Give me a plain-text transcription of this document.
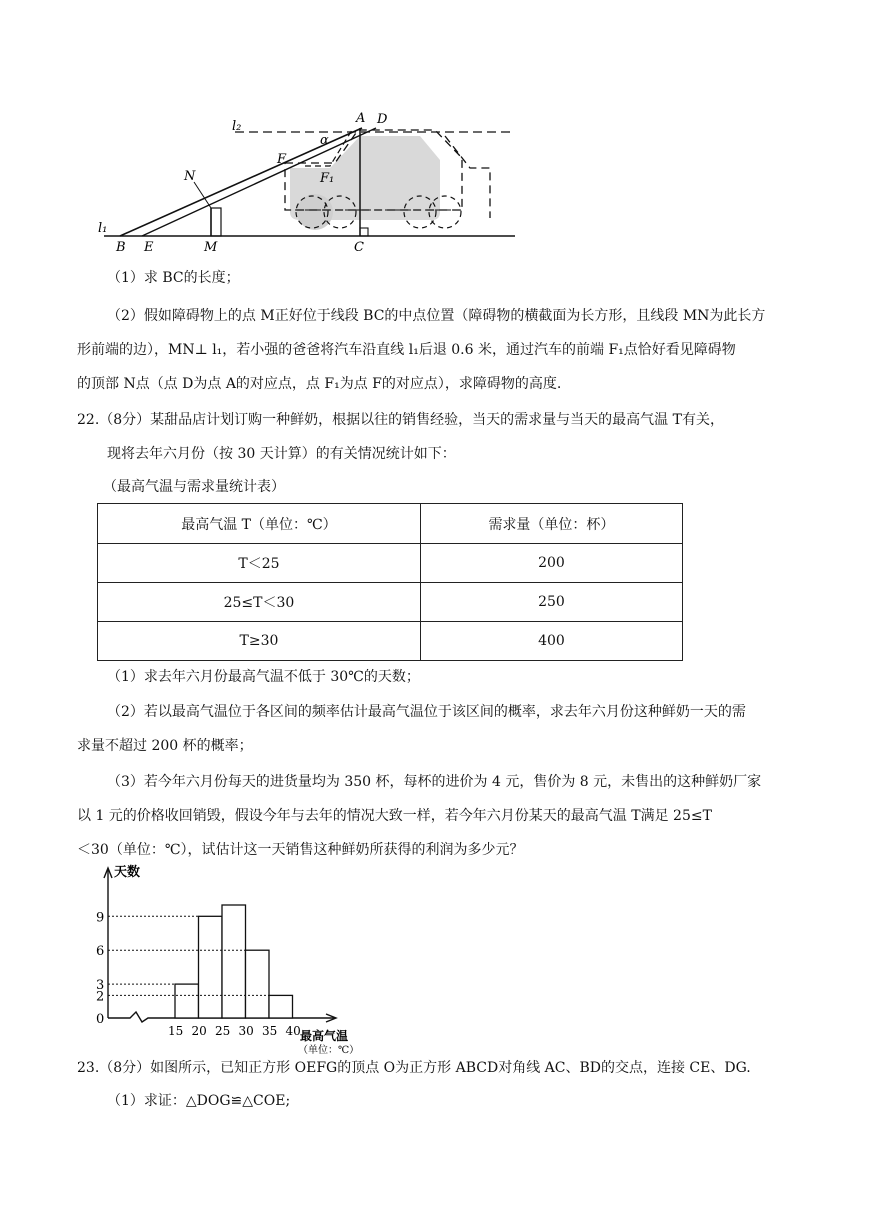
l₂
A D
α
F
F₁
N
l₁
B E	M	C
（1）求 BC的长度；
（2）假如障碍物上的点 M正好位于线段 BC的中点位置（障碍物的横截面为长方形，且线段 MN为此长方
形前端的边），MN⊥ l₁，若小强的爸爸将汽车沿直线 l₁后退 0.6 米，通过汽车的前端 F₁点恰好看见障碍物
的顶部 N点（点 D为点 A的对应点，点 F₁为点 F的对应点），求障碍物的高度.
22.（8分）某甜品店计划订购一种鲜奶，根据以往的销售经验，当天的需求量与当天的最高气温 T有关，
现将去年六月份（按 30 天计算）的有关情况统计如下：
（最高气温与需求量统计表）
最高气温 T（单位：℃）	需求量（单位：杯）
T＜25	200
25≤T＜30	250
T≥30	400
（1）求去年六月份最高气温不低于 30℃的天数；
（2）若以最高气温位于各区间的频率估计最高气温位于该区间的概率，求去年六月份这种鲜奶一天的需
求量不超过 200 杯的概率；
（3）若今年六月份每天的进货量均为 350 杯，每杯的进价为 4 元，售价为 8 元，未售出的这种鲜奶厂家
以 1 元的价格收回销毁，假设今年与去年的情况大致一样，若今年六月份某天的最高气温 T满足 25≤T
＜30（单位：℃），试估计这一天销售这种鲜奶所获得的利润为多少元？
2
3
6
9
15 20 25 30 35 40
0
天数
最高气温
（单位：℃）
23.（8分）如图所示，已知正方形 OEFG的顶点 O为正方形 ABCD对角线 AC、BD的交点，连接 CE、DG.
（1）求证：△DOG≌△COE;
